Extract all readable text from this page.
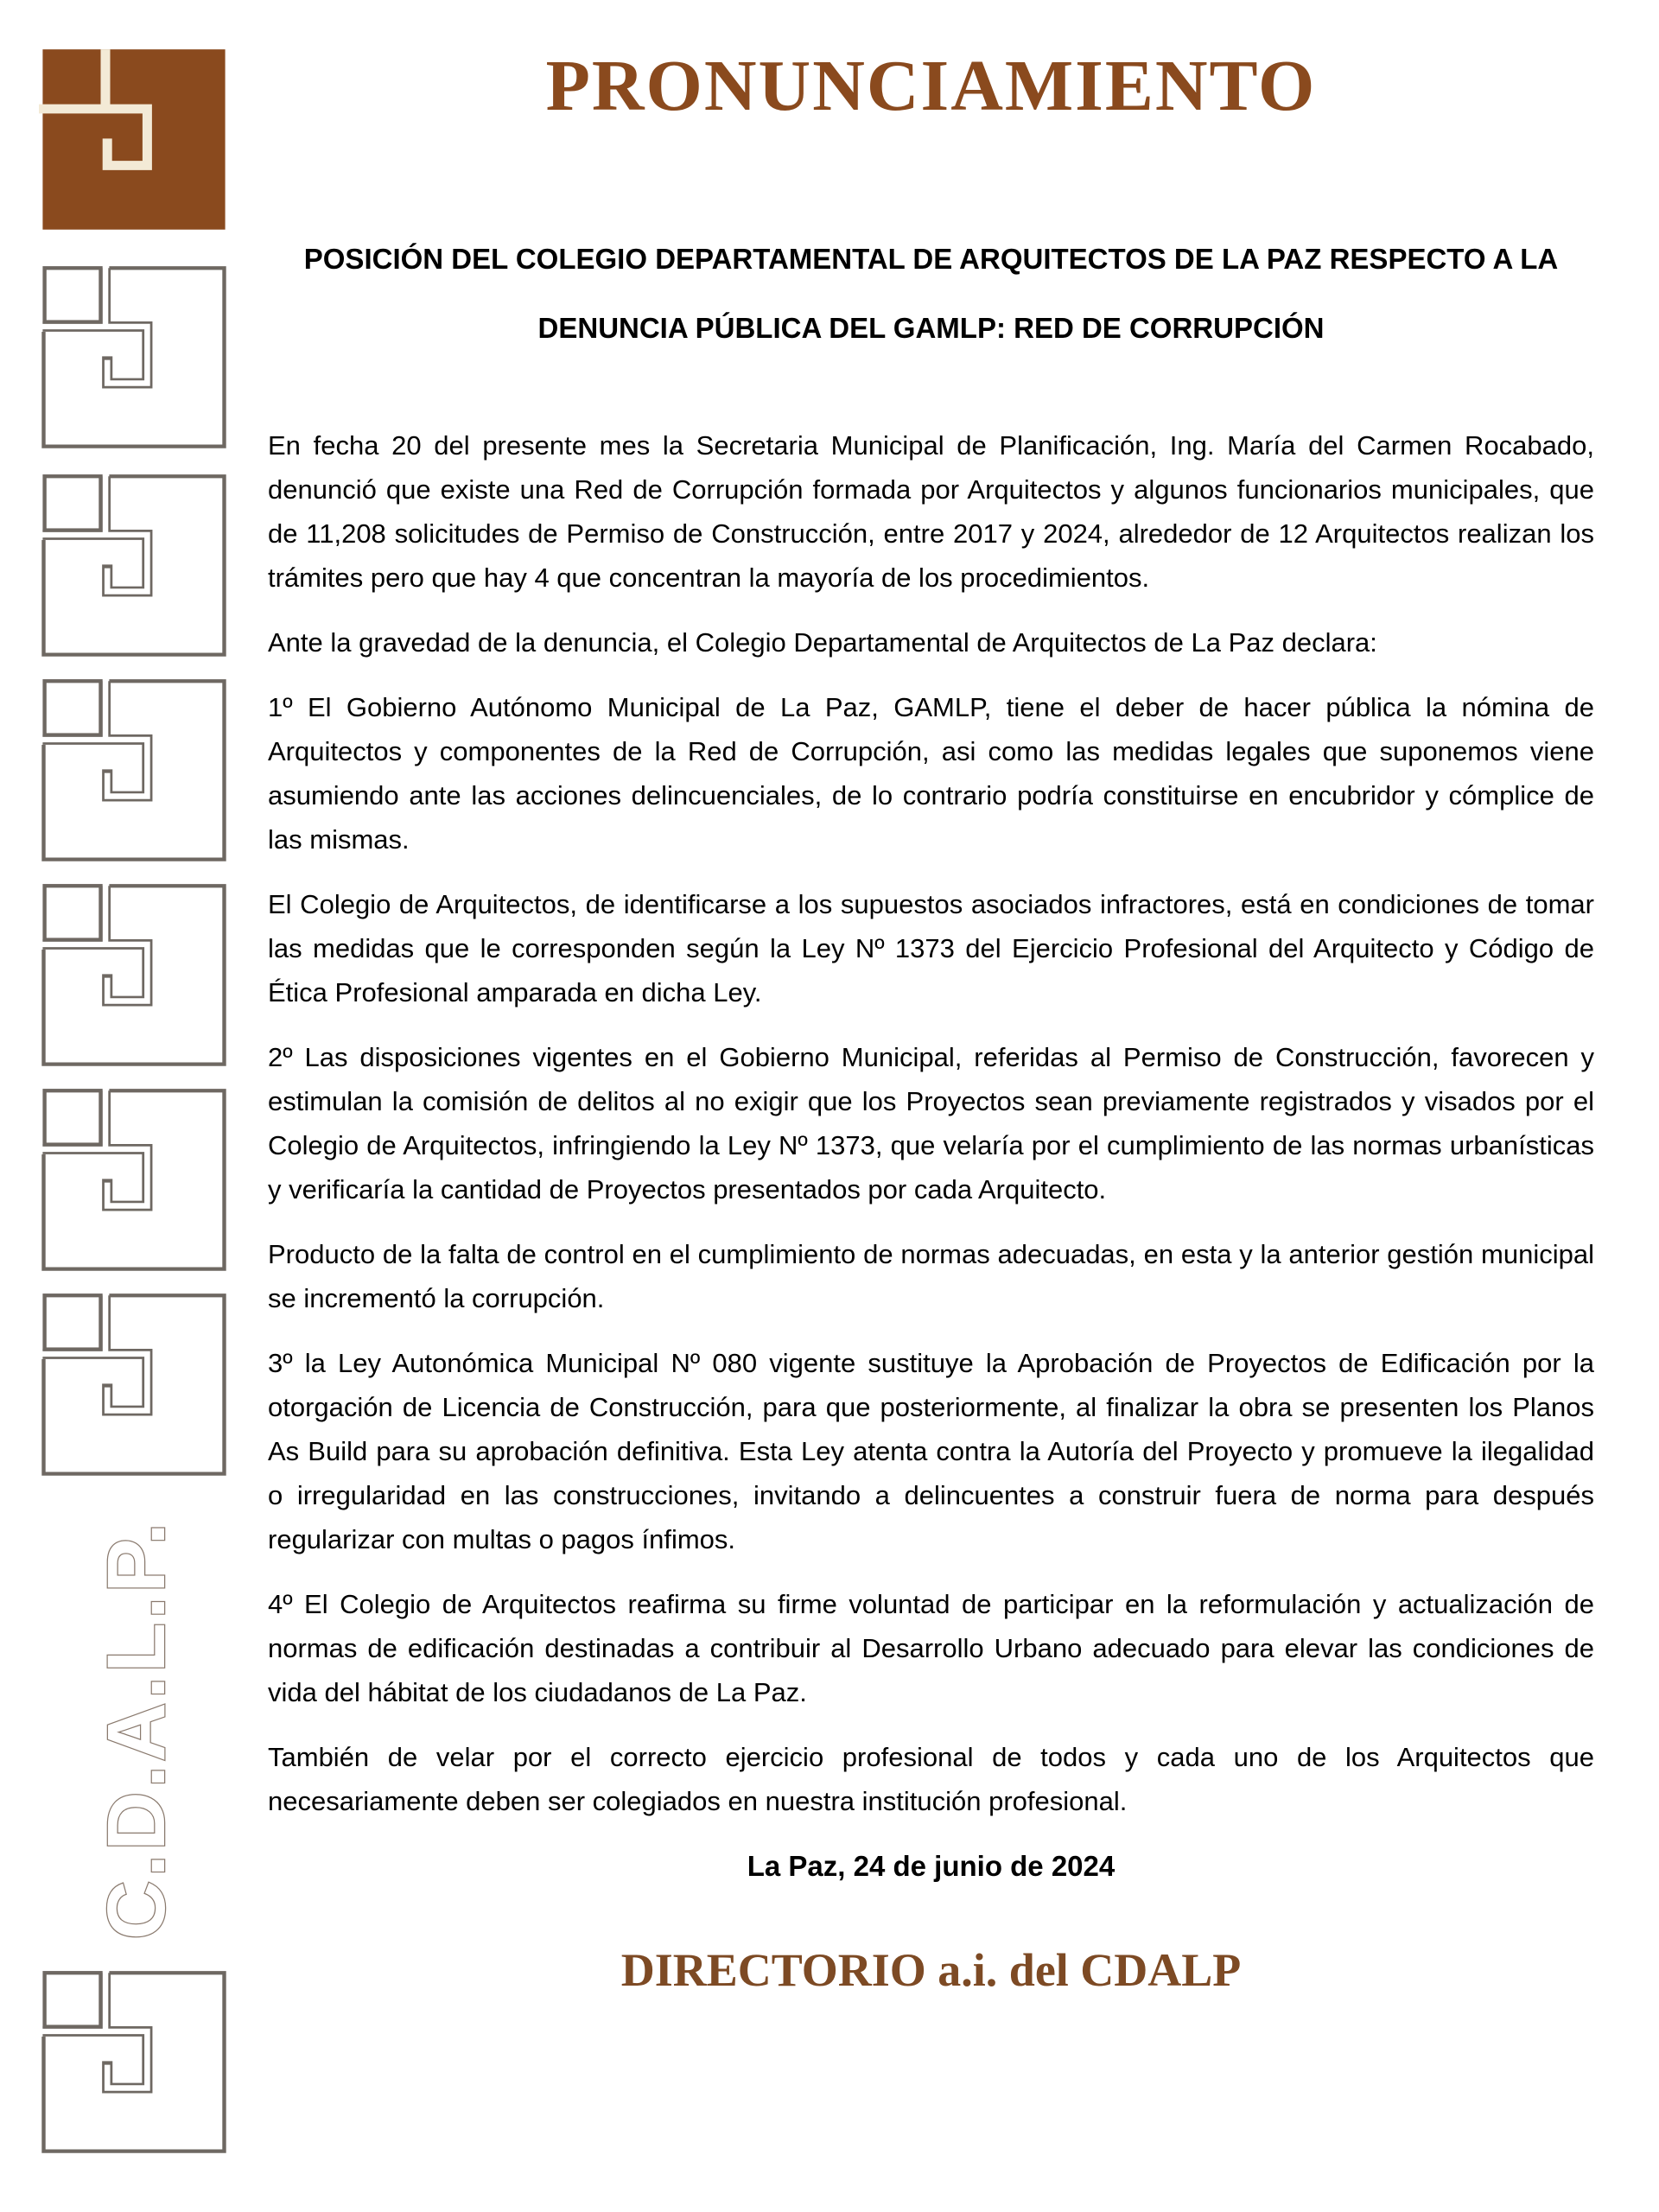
C.D.A.L.P.
PRONUNCIAMIENTO
POSICIÓN DEL COLEGIO DEPARTAMENTAL DE ARQUITECTOS DE LA PAZ RESPECTO A LA
DENUNCIA PÚBLICA DEL GAMLP: RED DE CORRUPCIÓN

En fecha 20 del presente mes la Secretaria Municipal de Planificación, Ing. María del Carmen Rocabado, denunció que existe una Red de Corrupción formada por Arquitectos y algunos funcionarios municipales, que de 11,208 solicitudes de Permiso de Construcción, entre 2017 y 2024, alrededor de 12 Arquitectos realizan los trámites pero que hay 4 que concentran la mayoría de los procedimientos.

Ante la gravedad de la denuncia, el Colegio Departamental de Arquitectos de La Paz declara:

1º El Gobierno Autónomo Municipal de La Paz, GAMLP, tiene el deber de hacer pública la nómina de Arquitectos y componentes de la Red de Corrupción, asi como las medidas legales que suponemos viene asumiendo ante las acciones delincuenciales, de lo contrario podría constituirse en encubridor y cómplice de las mismas.

El Colegio de Arquitectos, de identificarse a los supuestos asociados infractores, está en condiciones de tomar las medidas que le corresponden según la Ley Nº 1373 del Ejercicio Profesional del Arquitecto y Código de Ética Profesional amparada en dicha Ley.

2º Las disposiciones vigentes en el Gobierno Municipal, referidas al Permiso de Construcción, favorecen y estimulan la comisión de delitos al no exigir que los Proyectos sean previamente registrados y visados por el Colegio de Arquitectos, infringiendo la Ley Nº 1373, que velaría por el cumplimiento de las normas urbanísticas y verificaría la cantidad de Proyectos presentados por cada Arquitecto.

Producto de la falta de control en el cumplimiento de normas adecuadas, en esta y la anterior gestión municipal se incrementó la corrupción.

3º la Ley Autonómica Municipal Nº 080 vigente sustituye la Aprobación de Proyectos de Edificación por la otorgación de Licencia de Construcción, para que posteriormente, al finalizar la obra se presenten los Planos As Build para su aprobación definitiva. Esta Ley atenta contra la Autoría del Proyecto y promueve la ilegalidad o irregularidad en las construcciones, invitando a delincuentes a construir fuera de norma para después regularizar con multas o pagos ínfimos.

4º El Colegio de Arquitectos reafirma su firme voluntad de participar en la reformulación y actualización de normas de edificación destinadas a contribuir al Desarrollo Urbano adecuado para elevar las condiciones de vida del hábitat de los ciudadanos de La Paz.

También de velar por el correcto ejercicio profesional de todos y cada uno de los Arquitectos que necesariamente deben ser colegiados en nuestra institución profesional.

La Paz, 24 de junio de 2024
DIRECTORIO a.i. del CDALP
